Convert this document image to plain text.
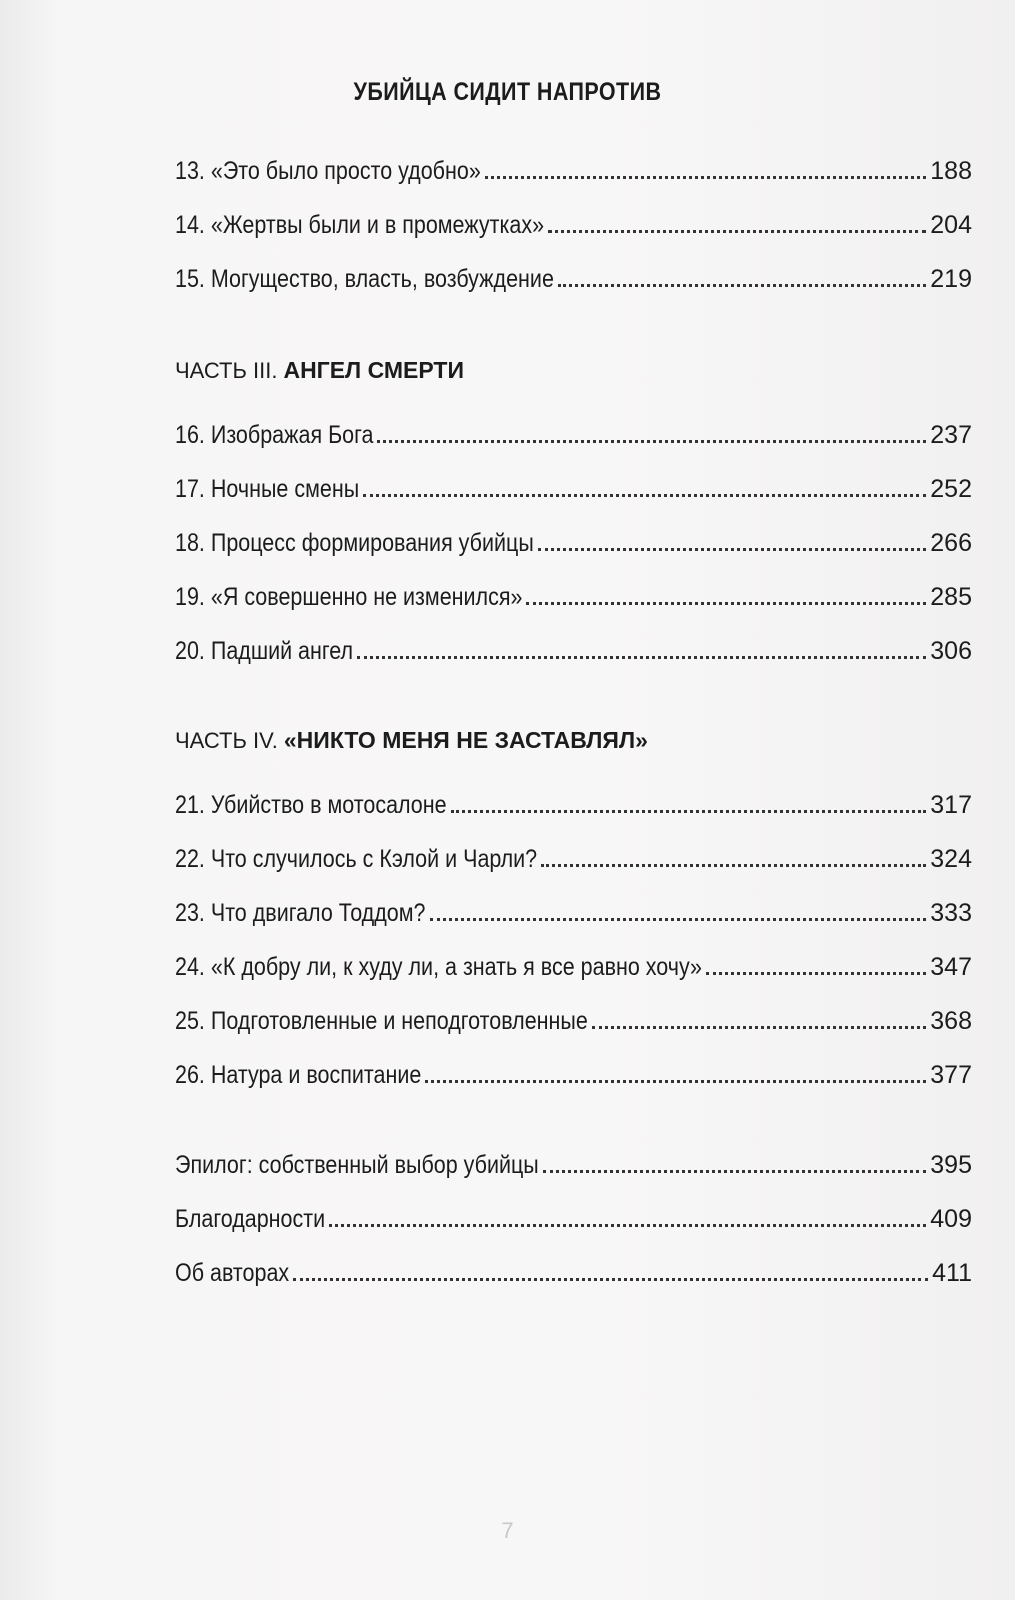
УБИЙЦА СИДИТ НАПРОТИВ
13. «Это было просто удобно»	188
14. «Жертвы были и в промежутках»	204
15. Могущество, власть, возбуждение	219
ЧАСТЬ III. АНГЕЛ СМЕРТИ
16. Изображая Бога	237
17. Ночные смены	252
18. Процесс формирования убийцы	266
19. «Я совершенно не изменился»	285
20. Падший ангел	306
ЧАСТЬ IV. «НИКТО МЕНЯ НЕ ЗАСТАВЛЯЛ»
21. Убийство в мотосалоне	317
22. Что случилось с Кэлой и Чарли?	324
23. Что двигало Тоддом?	333
24. «К добру ли, к худу ли, а знать я все равно хочу»	347
25. Подготовленные и неподготовленные	368
26. Натура и воспитание	377
Эпилог: собственный выбор убийцы	395
Благодарности	409
Об авторах	411
7
